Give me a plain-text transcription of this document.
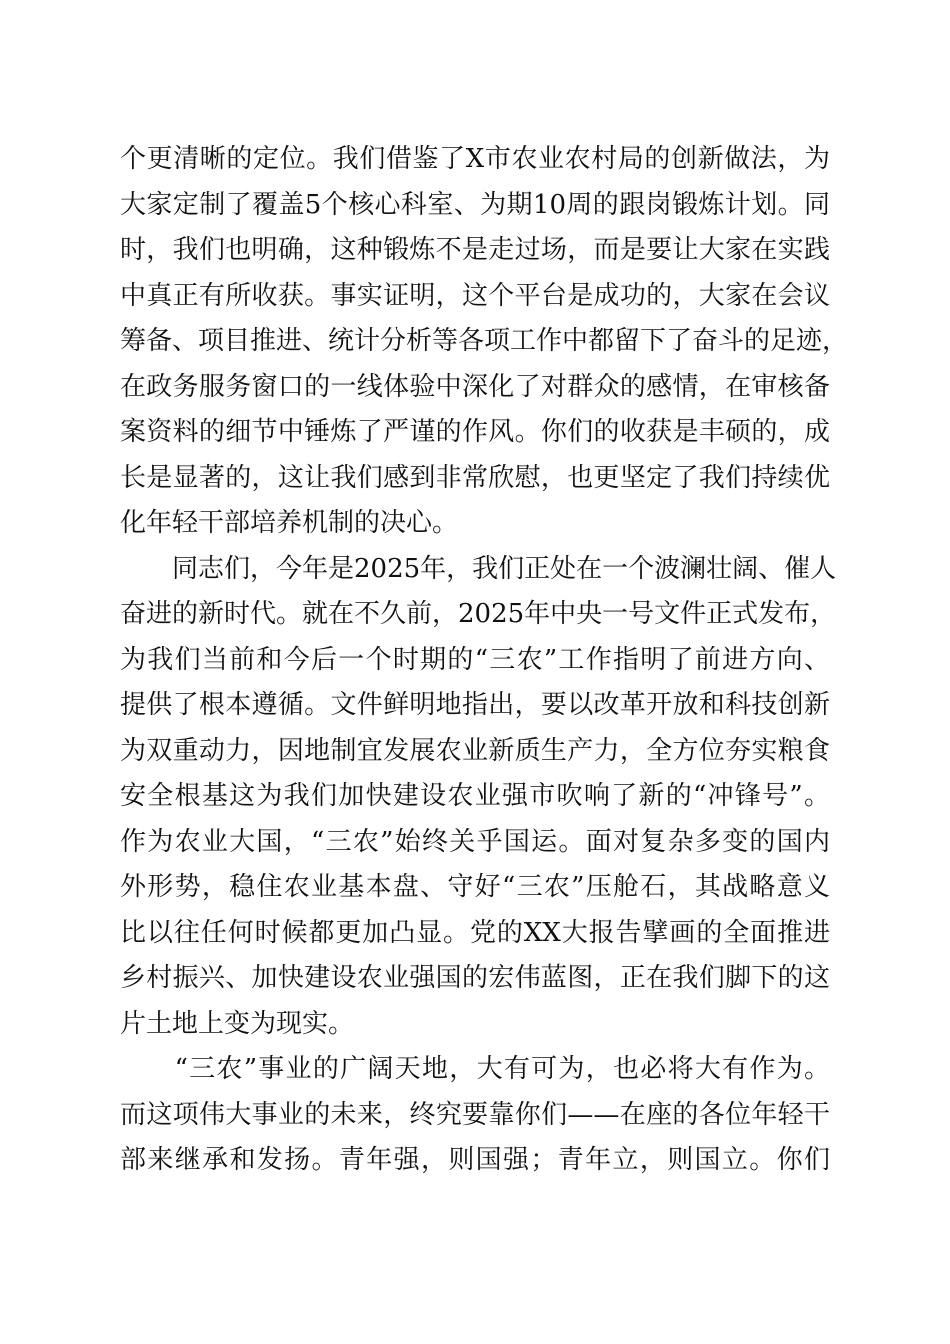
个更清晰的定位。我们借鉴了X市农业农村局的创新做法，为
大家定制了覆盖5个核心科室、为期10周的跟岗锻炼计划。同
时，我们也明确，这种锻炼不是走过场，而是要让大家在实践
中真正有所收获。事实证明，这个平台是成功的，大家在会议
筹备、项目推进、统计分析等各项工作中都留下了奋斗的足迹，
在政务服务窗口的一线体验中深化了对群众的感情，在审核备
案资料的细节中锤炼了严谨的作风。你们的收获是丰硕的，成
长是显著的，这让我们感到非常欣慰，也更坚定了我们持续优
化年轻干部培养机制的决心。
　　同志们，今年是2025年，我们正处在一个波澜壮阔、催人
奋进的新时代。就在不久前，2025年中央一号文件正式发布，
为我们当前和今后一个时期的“三农”工作指明了前进方向、
提供了根本遵循。文件鲜明地指出，要以改革开放和科技创新
为双重动力，因地制宜发展农业新质生产力，全方位夯实粮食
安全根基这为我们加快建设农业强市吹响了新的“冲锋号”。
作为农业大国，“三农”始终关乎国运。面对复杂多变的国内
外形势，稳住农业基本盘、守好“三农”压舱石，其战略意义
比以往任何时候都更加凸显。党的XX大报告擘画的全面推进
乡村振兴、加快建设农业强国的宏伟蓝图，正在我们脚下的这
片土地上变为现实。
　　“三农”事业的广阔天地，大有可为，也必将大有作为。
而这项伟大事业的未来，终究要靠你们——在座的各位年轻干
部来继承和发扬。青年强，则国强；青年立，则国立。你们
